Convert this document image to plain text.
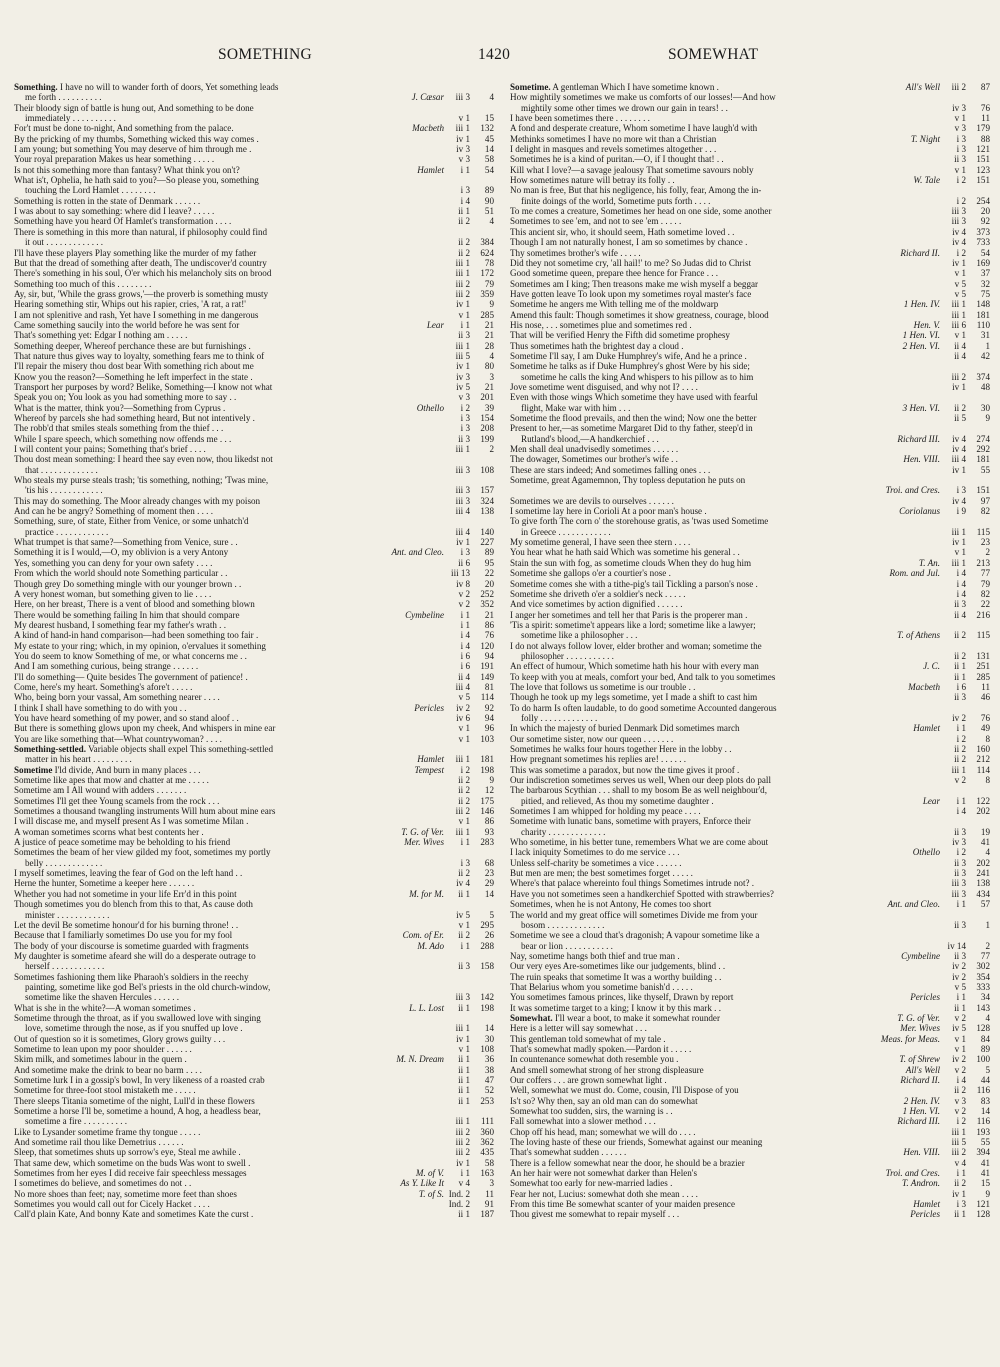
SOMETHING	1420	SOMEWHAT
Something. I have no will to wander forth of doors, Yet something leads
me forth . . . . . . . . . .	J. Cæsar	iii 3	4
Their bloody sign of battle is hung out, And something to be done
immediately . . . . . . . . . .	v 1	15
For't must be done to-night, And something from the palace.	Macbeth	iii 1	132
By the pricking of my thumbs, Something wicked this way comes .	iv 1	45
I am young; but something You may deserve of him through me .	iv 3	14
Your royal preparation Makes us hear something . . . . .	v 3	58
Is not this something more than fantasy? What think you on't?	Hamlet	i 1	54
What is't, Ophelia, he hath said to you?—So please you, something
touching the Lord Hamlet . . . . . . . .	i 3	89
Something is rotten in the state of Denmark . . . . . .	i 4	90
I was about to say something: where did I leave? . . . . .	ii 1	51
Something have you heard Of Hamlet's transformation . . . .	ii 2	4
There is something in this more than natural, if philosophy could find
it out . . . . . . . . . . . . .	ii 2	384
I'll have these players Play something like the murder of my father	ii 2	624
But that the dread of something after death, The undiscover'd country	iii 1	78
There's something in his soul, O'er which his melancholy sits on brood	iii 1	172
Something too much of this . . . . . . . .	iii 2	79
Ay, sir, but, 'While the grass grows,'—the proverb is something musty	iii 2	359
Hearing something stir, Whips out his rapier, cries, 'A rat, a rat!'	iv 1	9
I am not splenitive and rash, Yet have I something in me dangerous	v 1	285
Came something saucily into the world before he was sent for	Lear	i 1	21
That's something yet: Edgar I nothing am . . . . .	ii 3	21
Something deeper, Whereof perchance these are but furnishings .	iii 1	28
That nature thus gives way to loyalty, something fears me to think of	iii 5	4
I'll repair the misery thou dost bear With something rich about me	iv 1	80
Know you the reason?—Something he left imperfect in the state .	iv 3	3
Transport her purposes by word? Belike, Something—I know not what	iv 5	21
Speak you on; You look as you had something more to say . .	v 3	201
What is the matter, think you?—Something from Cyprus .	Othello	i 2	39
Whereof by parcels she had something heard, But not intentively .	i 3	154
The robb'd that smiles steals something from the thief . . .	i 3	208
While I spare speech, which something now offends me . . .	ii 3	199
I will content your pains; Something that's brief . . . .	iii 1	2
Thou dost mean something: I heard thee say even now, thou likedst not
that . . . . . . . . . . . . .	iii 3	108
Who steals my purse steals trash; 'tis something, nothing; 'Twas mine,
'tis his . . . . . . . . . . . .	iii 3	157
This may do something. The Moor already changes with my poison	iii 3	324
And can he be angry? Something of moment then . . . .	iii 4	138
Something, sure, of state, Either from Venice, or some unhatch'd
practice . . . . . . . . . . . .	iii 4	140
What trumpet is that same?—Something from Venice, sure . .	iv 1	227
Something it is I would,—O, my oblivion is a very Antony	Ant. and Cleo.	i 3	89
Yes, something you can deny for your own safety . . . .	ii 6	95
From which the world should note Something particular . .	iii 13	22
Though grey Do something mingle with our younger brown . .	iv 8	20
A very honest woman, but something given to lie . . . .	v 2	252
Here, on her breast, There is a vent of blood and something blown	v 2	352
There would be something failing In him that should compare	Cymbeline	i 1	21
My dearest husband, I something fear my father's wrath . .	i 1	86
A kind of hand-in hand comparison—had been something too fair .	i 4	76
My estate to your ring; which, in my opinion, o'ervalues it something	i 4	120
You do seem to know Something of me, or what concerns me . .	i 6	94
And I am something curious, being strange . . . . . .	i 6	191
I'll do something— Quite besides The government of patience! .	ii 4	149
Come, here's my heart. Something's afore't . . . . .	iii 4	81
Who, being born your vassal, Am something nearer . . . .	v 5	114
I think I shall have something to do with you . .	Pericles	iv 2	92
You have heard something of my power, and so stand aloof . .	iv 6	94
But there is something glows upon my cheek, And whispers in mine ear	v 1	96
You are like something that—What countrywoman? . . . .	v 1	103
Something-settled. Variable objects shall expel This something-settled
matter in his heart . . . . . . . . .	Hamlet	iii 1	181
Sometime I'ld divide, And burn in many places . . .	Tempest	i 2	198
Sometime like apes that mow and chatter at me . . . . .	ii 2	9
Sometime am I All wound with adders . . . . . . .	ii 2	12
Sometimes I'll get thee Young scamels from the rock . . .	ii 2	175
Sometimes a thousand twangling instruments Will hum about mine ears	iii 2	146
I will discase me, and myself present As I was sometime Milan .	v 1	86
A woman sometimes scorns what best contents her .	T. G. of Ver.	iii 1	93
A justice of peace sometime may be beholding to his friend	Mer. Wives	i 1	283
Sometimes the beam of her view gilded my foot, sometimes my portly
belly . . . . . . . . . . . . .	i 3	68
I myself sometimes, leaving the fear of God on the left hand . .	ii 2	23
Herne the hunter, Sometime a keeper here . . . . . .	iv 4	29
Whether you had not sometime in your life Err'd in this point	M. for M.	ii 1	14
Though sometimes you do blench from this to that, As cause doth
minister . . . . . . . . . . . .	iv 5	5
Let the devil Be sometime honour'd for his burning throne! . .	v 1	295
Because that I familiarly sometimes Do use you for my fool	Com. of Er.	ii 2	26
The body of your discourse is sometime guarded with fragments	M. Ado	i 1	288
My daughter is sometime afeard she will do a desperate outrage to
herself . . . . . . . . . . . .	ii 3	158
Sometimes fashioning them like Pharaoh's soldiers in the reechy
painting, sometime like god Bel's priests in the old church-window,
sometime like the shaven Hercules . . . . . .	iii 3	142
What is she in the white?—A woman sometimes .	L. L. Lost	ii 1	198
Sometime through the throat, as if you swallowed love with singing
love, sometime through the nose, as if you snuffed up love .	iii 1	14
Out of question so it is sometimes, Glory grows guilty . . .	iv 1	30
Sometime to lean upon my poor shoulder . . . . . .	v 1	108
Skim milk, and sometimes labour in the quern .	M. N. Dream	ii 1	36
And sometime make the drink to bear no barm . . . .	ii 1	38
Sometime lurk I in a gossip's bowl, In very likeness of a roasted crab	ii 1	47
Sometime for three-foot stool mistaketh me . . . . .	ii 1	52
There sleeps Titania sometime of the night, Lull'd in these flowers	ii 1	253
Sometime a horse I'll be, sometime a hound, A hog, a headless bear,
sometime a fire . . . . . . . . . .	iii 1	111
Like to Lysander sometime frame thy tongue . . . . .	iii 2	360
And sometime rail thou like Demetrius . . . . . .	iii 2	362
Sleep, that sometimes shuts up sorrow's eye, Steal me awhile .	iii 2	435
That same dew, which sometime on the buds Was wont to swell .	iv 1	58
Sometimes from her eyes I did receive fair speechless messages	M. of V.	i 1	163
I sometimes do believe, and sometimes do not . .	As Y. Like It	v 4	3
No more shoes than feet; nay, sometime more feet than shoes	T. of S. Ind. 2	11
Sometimes you would call out for Cicely Hacket . . . .	Ind. 2	91
Call'd plain Kate, And bonny Kate and sometimes Kate the curst .	ii 1	187
Sometime. A gentleman Which I have sometime known .	All's Well	iii 2	87
How mightily sometimes we make us comforts of our losses!—And how
mightily some other times we drown our gain in tears! . .	iv 3	76
I have been sometimes there . . . . . . . .	v 1	11
A fond and desperate creature, Whom sometime I have laugh'd with	v 3	179
Methinks sometimes I have no more wit than a Christian	T. Night	i 3	88
I delight in masques and revels sometimes altogether . . .	i 3	121
Sometimes he is a kind of puritan.—O, if I thought that! . .	ii 3	151
Kill what I love?—a savage jealousy That sometime savours nobly	v 1	123
How sometimes nature will betray its folly . .	W. Tale	i 2	151
No man is free, But that his negligence, his folly, fear, Among the in-
finite doings of the world, Sometime puts forth . . . .	i 2	254
To me comes a creature, Sometimes her head on one side, some another	iii 3	20
Sometimes to see 'em, and not to see 'em . . . . .	iii 3	92
This ancient sir, who, it should seem, Hath sometime loved . .	iv 4	373
Though I am not naturally honest, I am so sometimes by chance .	iv 4	733
Thy sometimes brother's wife . . . . .	Richard II.	i 2	54
Did they not sometime cry, 'all hail!' to me? So Judas did to Christ	iv 1	169
Good sometime queen, prepare thee hence for France . . .	v 1	37
Sometimes am I king; Then treasons make me wish myself a beggar	v 5	32
Have gotten leave To look upon my sometimes royal master's face	v 5	75
Sometime he angers me With telling me of the moldwarp	1 Hen. IV.	iii 1	148
Amend this fault: Though sometimes it show greatness, courage, blood	iii 1	181
His nose, . . . sometimes plue and sometimes red .	Hen. V.	iii 6	110
That will be verified Henry the Fifth did sometime prophesy	1 Hen. VI.	v 1	31
Thus sometimes hath the brightest day a cloud .	2 Hen. VI.	ii 4	1
Sometime I'll say, I am Duke Humphrey's wife, And he a prince .	ii 4	42
Sometime he talks as if Duke Humphrey's ghost Were by his side;
sometime he calls the king And whispers to his pillow as to him	iii 2	374
Jove sometime went disguised, and why not I? . . . .	iv 1	48
Even with those wings Which sometime they have used with fearful
flight, Make war with him . . .	3 Hen. VI.	ii 2	30
Sometime the flood prevails, and then the wind; Now one the better	ii 5	9
Present to her,—as sometime Margaret Did to thy father, steep'd in
Rutland's blood,—A handkerchief . . .	Richard III.	iv 4	274
Men shall deal unadvisedly sometimes . . . . . .	iv 4	292
The dowager, Sometimes our brother's wife . .	Hen. VIII.	iii 4	181
These are stars indeed; And sometimes falling ones . . .	iv 1	55
Sometime, great Agamemnon, Thy topless deputation he puts on
Troi. and Cres.	i 3	151
Sometimes we are devils to ourselves . . . . . .	iv 4	97
I sometime lay here in Corioli At a poor man's house .	Coriolanus	i 9	82
To give forth The corn o' the storehouse gratis, as 'twas used Sometime
in Greece . . . . . . . . . . . .	iii 1	115
My sometime general, I have seen thee stern . . . .	iv 1	23
You hear what he hath said Which was sometime his general . .	v 1	2
Stain the sun with fog, as sometime clouds When they do hug him	T. An.	iii 1	213
Sometime she gallops o'er a courtier's nose .	Rom. and Jul.	i 4	77
Sometime comes she with a tithe-pig's tail Tickling a parson's nose .	i 4	79
Sometime she driveth o'er a soldier's neck . . . . .	i 4	82
And vice sometimes by action dignified . . . . . .	ii 3	22
I anger her sometimes and tell her that Paris is the properer man .	ii 4	216
'Tis a spirit: sometime't appears like a lord; sometime like a lawyer;
sometime like a philosopher . . .	T. of Athens	ii 2	115
I do not always follow lover, elder brother and woman; sometime the
philosopher . . . . . . . . . . .	ii 2	131
An effect of humour, Which sometime hath his hour with every man	J. C.	ii 1	251
To keep with you at meals, comfort your bed, And talk to you sometimes	ii 1	285
The love that follows us sometime is our trouble . .	Macbeth	i 6	11
Though he took up my legs sometime, yet I made a shift to cast him	ii 3	46
To do harm Is often laudable, to do good sometime Accounted dangerous
folly . . . . . . . . . . . . .	iv 2	76
In which the majesty of buried Denmark Did sometimes march	Hamlet	i 1	49
Our sometime sister, now our queen . . . . . . .	i 2	8
Sometimes he walks four hours together Here in the lobby . .	ii 2	160
How pregnant sometimes his replies are! . . . . . .	ii 2	212
This was sometime a paradox, but now the time gives it proof .	iii 1	114
Our indiscretion sometimes serves us well, When our deep plots do pall	v 2	8
The barbarous Scythian . . . shall to my bosom Be as well neighbour'd,
pitied, and relieved, As thou my sometime daughter .	Lear	i 1	122
Sometimes I am whipped for holding my peace . . . .	i 4	202
Sometime with lunatic bans, sometime with prayers, Enforce their
charity . . . . . . . . . . . . .	ii 3	19
Who sometime, in his better tune, remembers What we are come about	iv 3	41
I lack iniquity Sometimes to do me service . . .	Othello	i 2	4
Unless self-charity be sometimes a vice . . . . . .	ii 3	202
But men are men; the best sometimes forget . . . . .	ii 3	241
Where's that palace whereinto foul things Sometimes intrude not? .	iii 3	138
Have you not sometimes seen a handkerchief Spotted with strawberries?	iii 3	434
Sometimes, when he is not Antony, He comes too short	Ant. and Cleo.	i 1	57
The world and my great office will sometimes Divide me from your
bosom . . . . . . . . . . . . .	ii 3	1
Sometime we see a cloud that's dragonish; A vapour sometime like a
bear or lion . . . . . . . . . . .	iv 14	2
Nay, sometime hangs both thief and true man .	Cymbeline	ii 3	77
Our very eyes Are-sometimes like our judgements, blind . .	iv 2	302
The ruin speaks that sometime It was a worthy building . .	iv 2	354
That Belarius whom you sometime banish'd . . . . .	v 5	333
You sometimes famous princes, like thyself, Drawn by report	Pericles	i 1	34
It was sometime target to a king; I know it by this mark . .	ii 1	143
Somewhat. I'll wear a boot, to make it somewhat rounder	T. G. of Ver.	v 2	4
Here is a letter will say somewhat . . .	Mer. Wives	iv 5	128
This gentleman told somewhat of my tale .	Meas. for Meas.	v 1	84
That's somewhat madly spoken.—Pardon it . . . . .	v 1	89
In countenance somewhat doth resemble you .	T. of Shrew	iv 2	100
And smell somewhat strong of her strong displeasure	All's Well	v 2	5
Our coffers . . . are grown somewhat light .	Richard II.	i 4	44
Well, somewhat we must do. Come, cousin, I'll Dispose of you	ii 2	116
Is't so? Why then, say an old man can do somewhat	2 Hen. IV.	v 3	83
Somewhat too sudden, sirs, the warning is . .	1 Hen. VI.	v 2	14
Fall somewhat into a slower method . . .	Richard III.	i 2	116
Chop off his head, man; somewhat we will do . . . .	iii 1	193
The loving haste of these our friends, Somewhat against our meaning	iii 5	55
That's somewhat sudden . . . . . .	Hen. VIII.	iii 2	394
There is a fellow somewhat near the door, he should be a brazier	v 4	41
An her hair were not somewhat darker than Helen's	Troi. and Cres.	i 1	41
Somewhat too early for new-married ladies .	T. Andron.	ii 2	15
Fear her not, Lucius: somewhat doth she mean . . . .	iv 1	9
From this time Be somewhat scanter of your maiden presence	Hamlet	i 3	121
Thou givest me somewhat to repair myself . . .	Pericles	ii 1	128
